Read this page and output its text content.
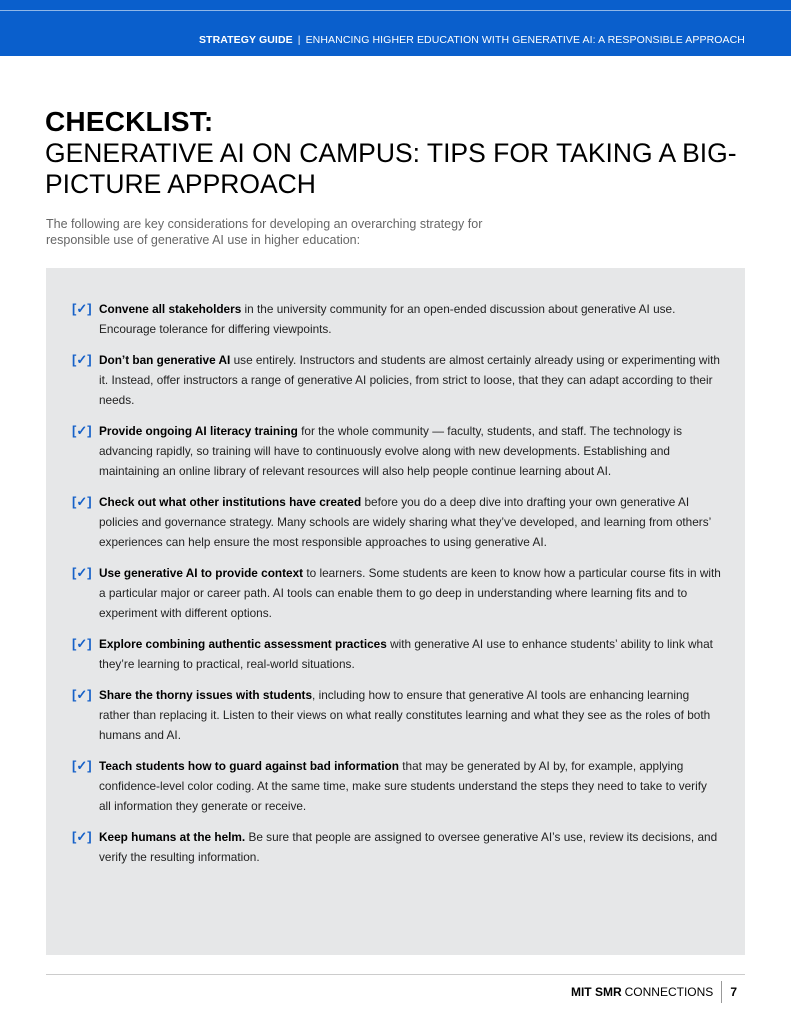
STRATEGY GUIDE | ENHANCING HIGHER EDUCATION WITH GENERATIVE AI: A RESPONSIBLE APPROACH
CHECKLIST:
GENERATIVE AI ON CAMPUS: TIPS FOR TAKING A BIG-PICTURE APPROACH

The following are key considerations for developing an overarching strategy for responsible use of generative AI use in higher education:

[✓] Convene all stakeholders in the university community for an open-ended discussion about generative AI use. Encourage tolerance for differing viewpoints.
[✓] Don’t ban generative AI use entirely. Instructors and students are almost certainly already using or experimenting with it. Instead, offer instructors a range of generative AI policies, from strict to loose, that they can adapt according to their needs.
[✓] Provide ongoing AI literacy training for the whole community — faculty, students, and staff. The technology is advancing rapidly, so training will have to continuously evolve along with new developments. Establishing and maintaining an online library of relevant resources will also help people continue learning about AI.
[✓] Check out what other institutions have created before you do a deep dive into drafting your own generative AI policies and governance strategy. Many schools are widely sharing what they’ve developed, and learning from others’ experiences can help ensure the most responsible approaches to using generative AI.
[✓] Use generative AI to provide context to learners. Some students are keen to know how a particular course fits in with a particular major or career path. AI tools can enable them to go deep in understanding where learning fits and to experiment with different options.
[✓] Explore combining authentic assessment practices with generative AI use to enhance students’ ability to link what they’re learning to practical, real-world situations.
[✓] Share the thorny issues with students, including how to ensure that generative AI tools are enhancing learning rather than replacing it. Listen to their views on what really constitutes learning and what they see as the roles of both humans and AI.
[✓] Teach students how to guard against bad information that may be generated by AI by, for example, applying confidence-level color coding. At the same time, make sure students understand the steps they need to take to verify all information they generate or receive.
[✓] Keep humans at the helm. Be sure that people are assigned to oversee generative AI’s use, review its decisions, and verify the resulting information.
MIT SMR CONNECTIONS 7
